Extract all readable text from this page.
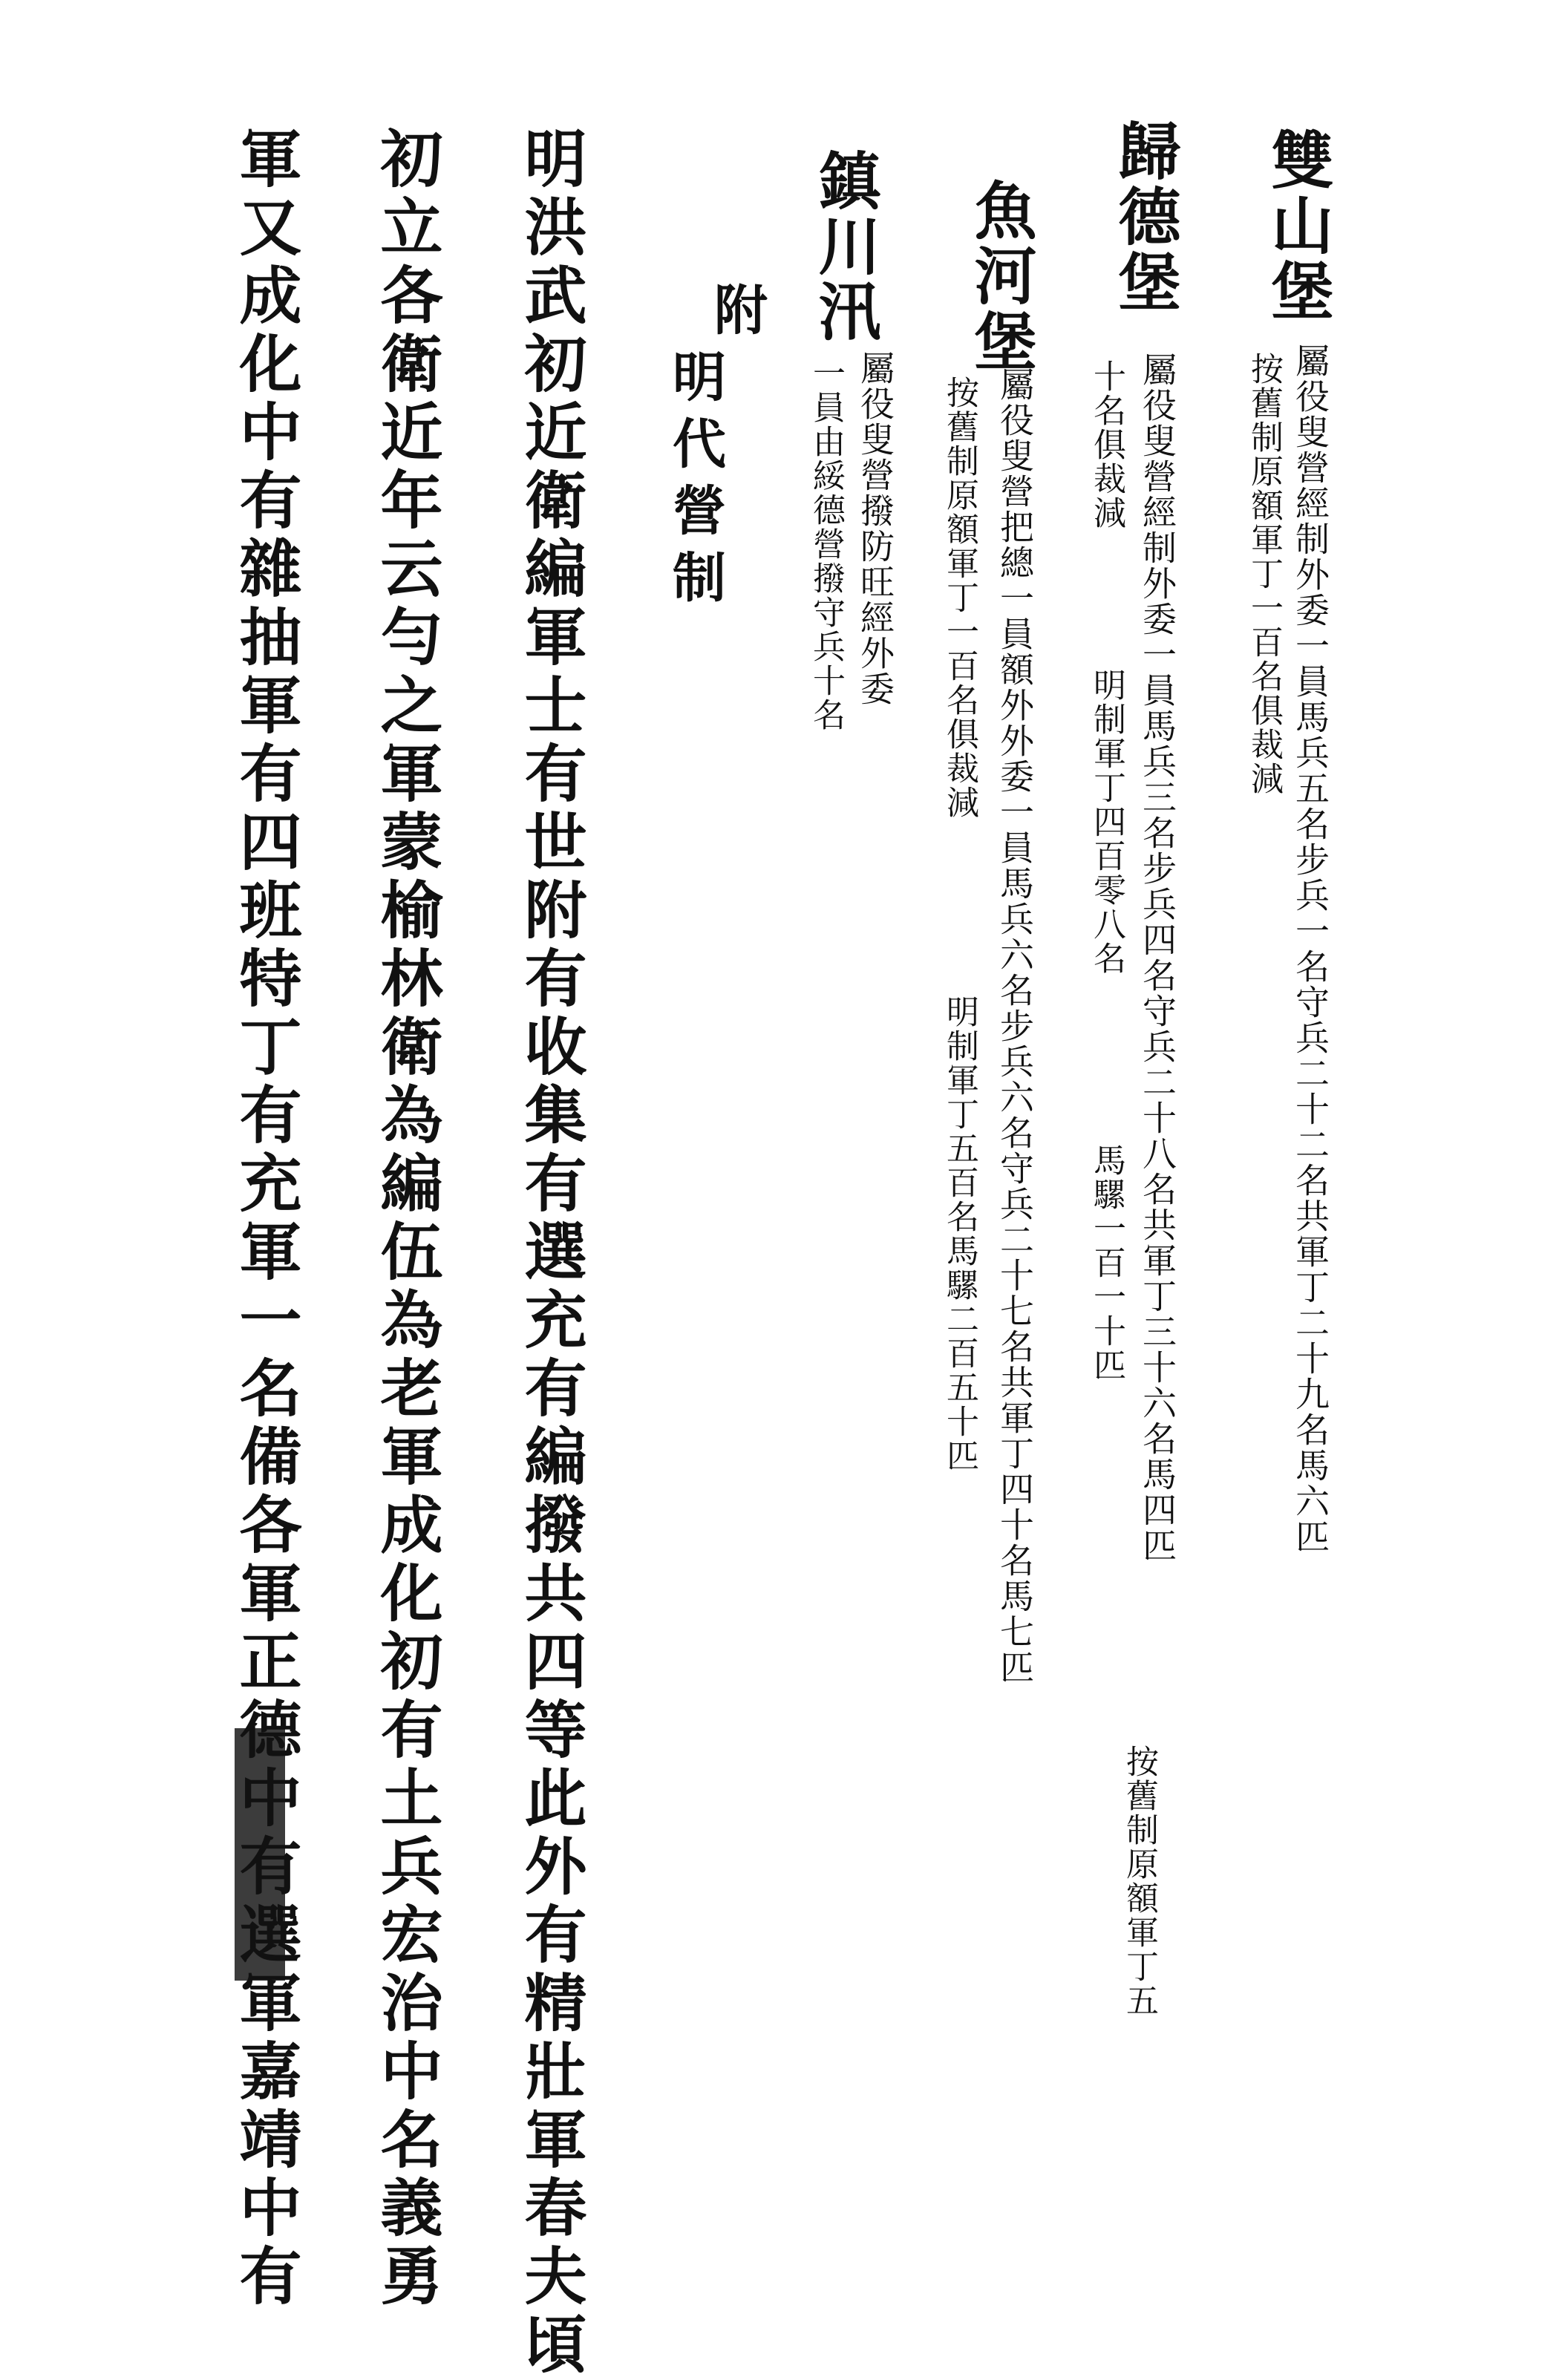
雙山堡
屬役叟營經制外委一員馬兵五名步兵一名守兵二十二名共軍丁二十九名馬六匹
按舊制原額軍丁一百名俱裁減
歸德堡
屬役叟營經制外委一員馬兵三名步兵四名守兵二十八名共軍丁三十六名馬四匹
十名俱裁減
明制軍丁四百零八名
馬騾一百一十匹
按舊制原額軍丁五
魚河堡
屬役叟營把總一員額外外委一員馬兵六名步兵六名守兵二十七名共軍丁四十名馬七匹
按舊制原額軍丁一百名俱裁減
明制軍丁五百名馬騾二百五十匹
鎮川汛
屬役叟營撥防旺經外委
一員由綏德營撥守兵十名
附
明代營制
明洪武初近衛編軍士有世附有收集有選充有編撥共四等此外有精壯軍春夫頃
初立各衛近年云勻之軍蒙榆林衛為編伍為老軍成化初有土兵宏治中名義勇
軍又成化中有雜抽軍有四班特丁有充軍一名備各軍正德中有選軍嘉靖中有
